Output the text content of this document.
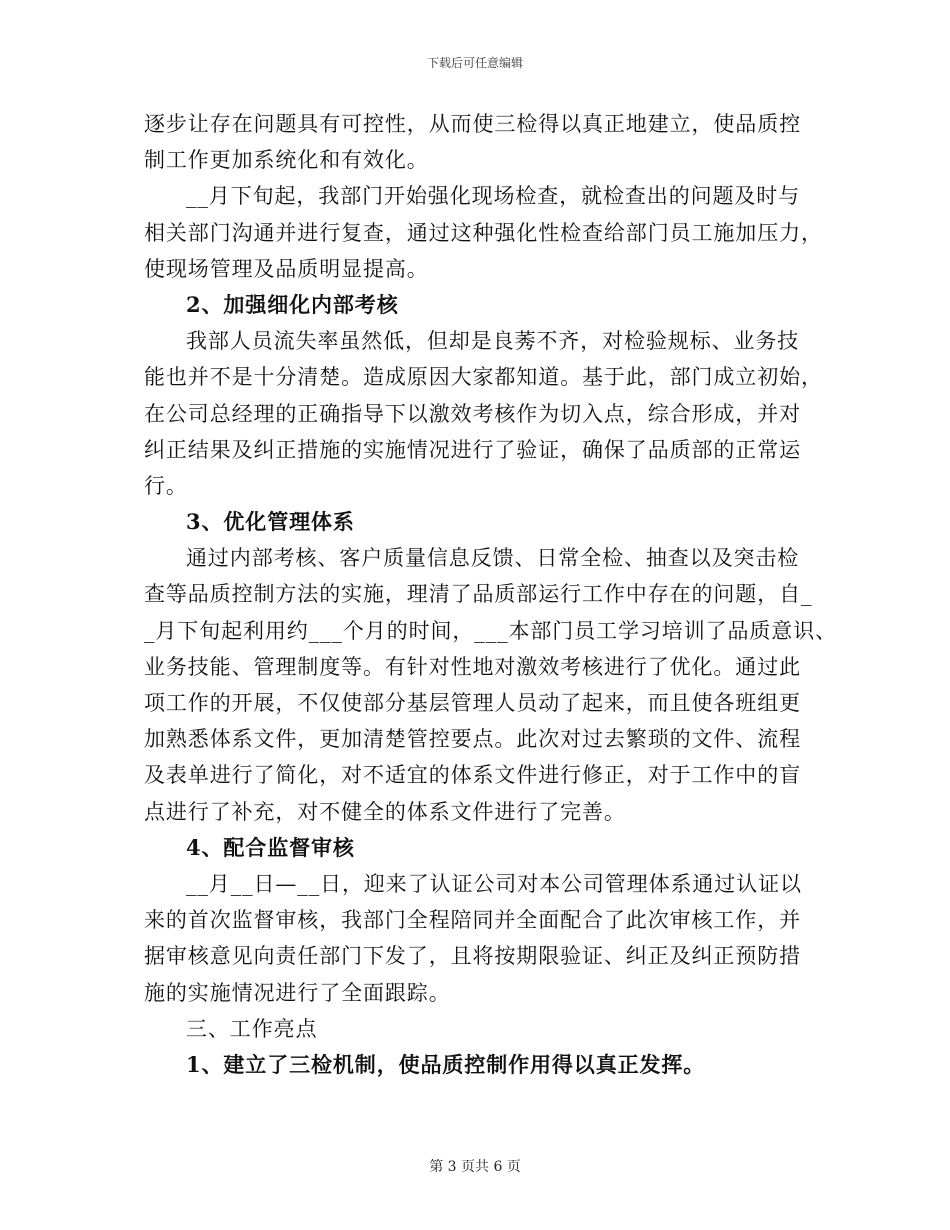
下载后可任意编辑
逐步让存在问题具有可控性，从而使三检得以真正地建立，使品质控
制工作更加系统化和有效化。
__月下旬起，我部门开始强化现场检查，就检查出的问题及时与
相关部门沟通并进行复查，通过这种强化性检查给部门员工施加压力，
使现场管理及品质明显提高。
2、加强细化内部考核
我部人员流失率虽然低，但却是良莠不齐，对检验规标、业务技
能也并不是十分清楚。造成原因大家都知道。基于此，部门成立初始，
在公司总经理的正确指导下以激效考核作为切入点，综合形成，并对
纠正结果及纠正措施的实施情况进行了验证，确保了品质部的正常运
行。
3、优化管理体系
通过内部考核、客户质量信息反馈、日常全检、抽查以及突击检
查等品质控制方法的实施，理清了品质部运行工作中存在的问题，自_
_月下旬起利用约___个月的时间，___本部门员工学习培训了品质意识、
业务技能、管理制度等。有针对性地对激效考核进行了优化。通过此
项工作的开展，不仅使部分基层管理人员动了起来，而且使各班组更
加熟悉体系文件，更加清楚管控要点。此次对过去繁琐的文件、流程
及表单进行了简化，对不适宜的体系文件进行修正，对于工作中的盲
点进行了补充，对不健全的体系文件进行了完善。
4、配合监督审核
__月__日—__日，迎来了认证公司对本公司管理体系通过认证以
来的首次监督审核，我部门全程陪同并全面配合了此次审核工作，并
据审核意见向责任部门下发了，且将按期限验证、纠正及纠正预防措
施的实施情况进行了全面跟踪。
三、工作亮点
1、建立了三检机制，使品质控制作用得以真正发挥。
第 3 页共 6 页
